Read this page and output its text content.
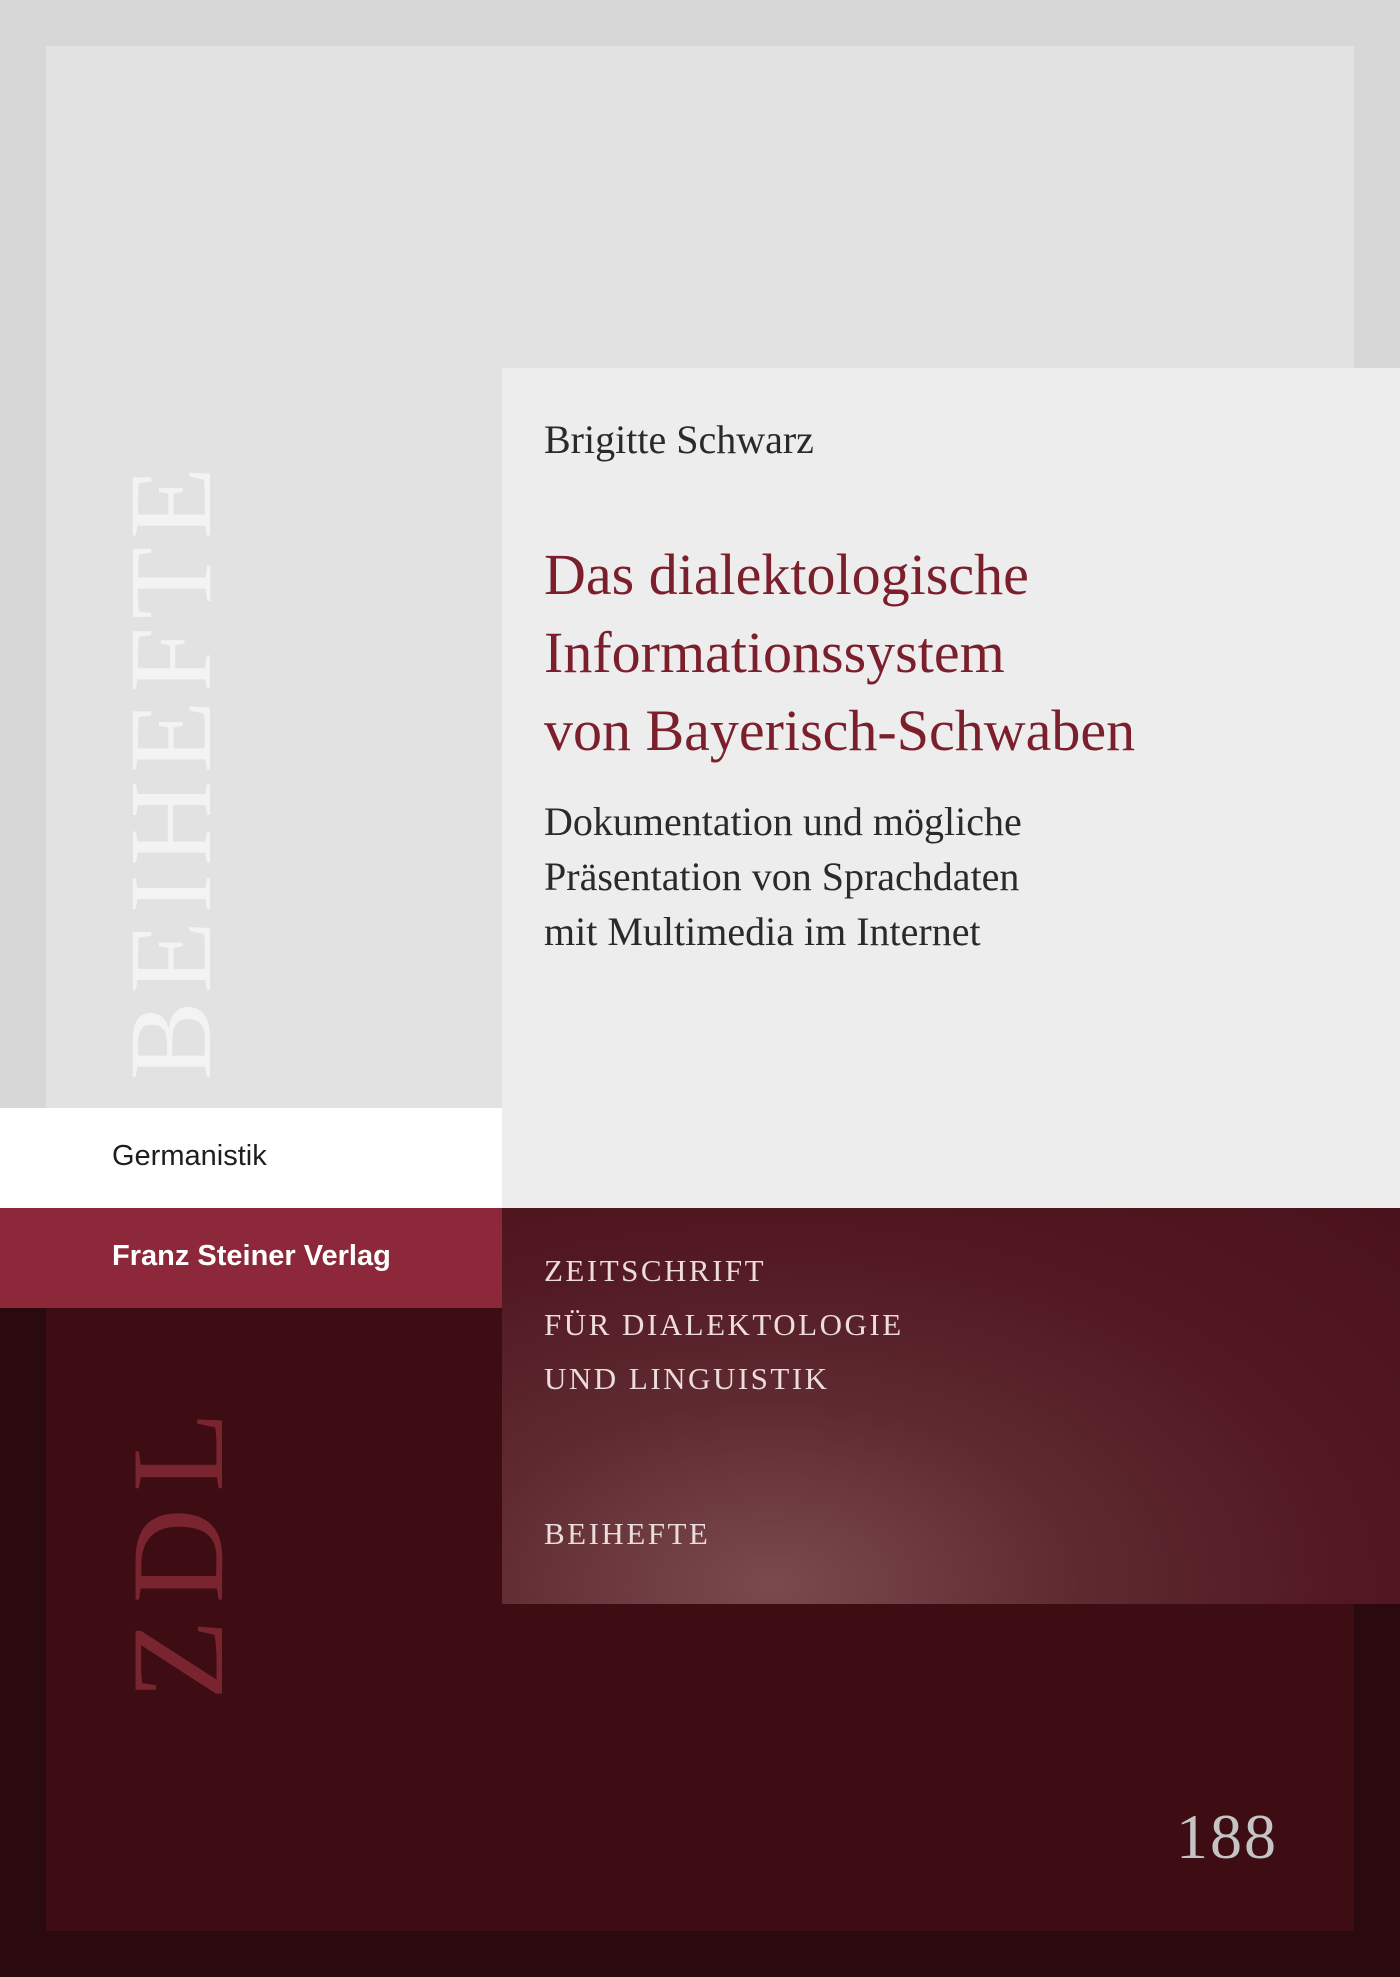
BEIHEFTE
ZDL

Brigitte Schwarz

Das dialektologische
Informationssystem
von Bayerisch-Schwaben

Dokumentation und mögliche
Präsentation von Sprachdaten
mit Multimedia im Internet

Germanistik

Franz Steiner Verlag	ZEITSCHRIFT
FÜR DIALEKTOLOGIE
UND LINGUISTIK

BEIHEFTE

188
